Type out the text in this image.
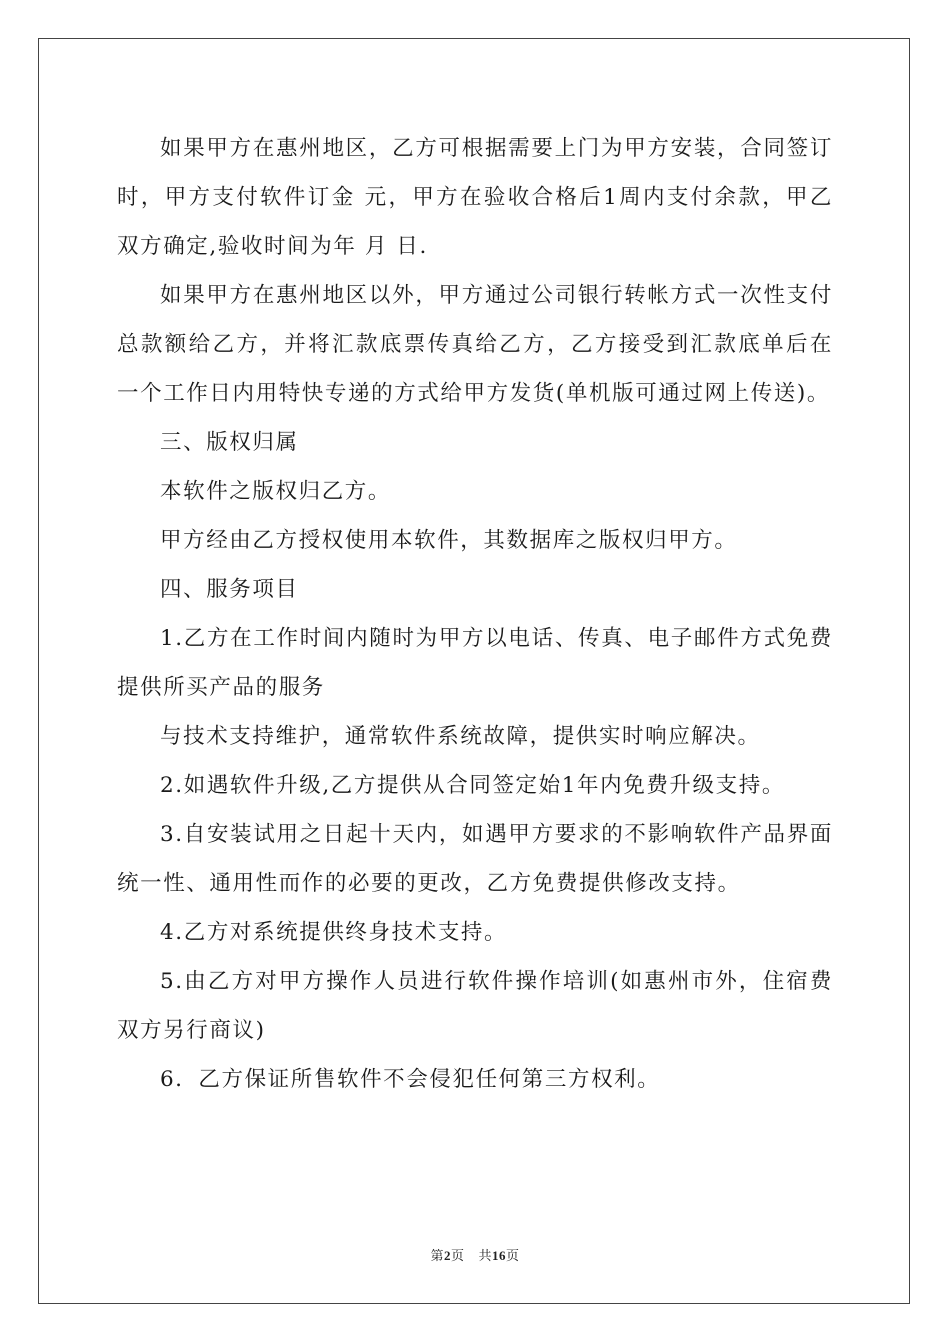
如果甲方在惠州地区，乙方可根据需要上门为甲方安装，合同签订时，甲方支付软件订金 元，甲方在验收合格后1周内支付余款，甲乙双方确定,验收时间为年 月 日.

如果甲方在惠州地区以外，甲方通过公司银行转帐方式一次性支付总款额给乙方，并将汇款底票传真给乙方，乙方接受到汇款底单后在一个工作日内用特快专递的方式给甲方发货(单机版可通过网上传送)。

三、版权归属

本软件之版权归乙方。

甲方经由乙方授权使用本软件，其数据库之版权归甲方。

四、服务项目

1.乙方在工作时间内随时为甲方以电话、传真、电子邮件方式免费提供所买产品的服务

与技术支持维护，通常软件系统故障，提供实时响应解决。

2.如遇软件升级,乙方提供从合同签定始1年内免费升级支持。

3.自安装试用之日起十天内，如遇甲方要求的不影响软件产品界面统一性、通用性而作的必要的更改，乙方免费提供修改支持。

4.乙方对系统提供终身技术支持。

5.由乙方对甲方操作人员进行软件操作培训(如惠州市外，住宿费双方另行商议)

6．乙方保证所售软件不会侵犯任何第三方权利。

第2页 共16页
